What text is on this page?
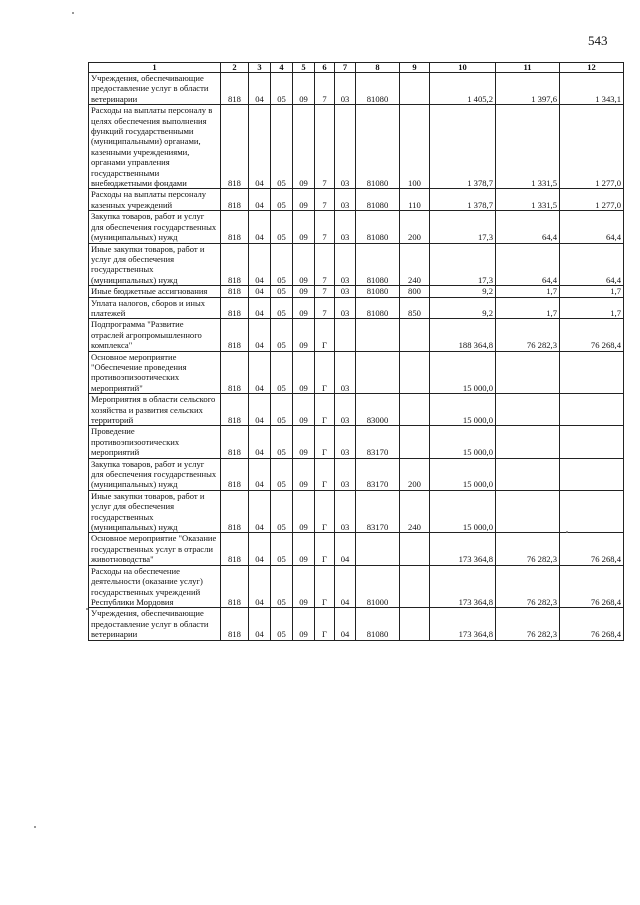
543
1	2	3	4	5	6	7	8	9	10	11	12
Учреждения, обеспечивающие предоставление услуг в области ветеринарии	818	04	05	09	7	03	81080		1 405,2	1 397,6	1 343,1
Расходы на выплаты персоналу в целях обеспечения выполнения функций государственными (муниципальными) органами, казенными учреждениями, органами управления государственными внебюджетными фондами	818	04	05	09	7	03	81080	100	1 378,7	1 331,5	1 277,0
Расходы на выплаты персоналу казенных учреждений	818	04	05	09	7	03	81080	110	1 378,7	1 331,5	1 277,0
Закупка товаров, работ и услуг для обеспечения государственных (муниципальных) нужд	818	04	05	09	7	03	81080	200	17,3	64,4	64,4
Иные закупки товаров, работ и услуг для обеспечения государственных (муниципальных) нужд	818	04	05	09	7	03	81080	240	17,3	64,4	64,4
Иные бюджетные ассигнования	818	04	05	09	7	03	81080	800	9,2	1,7	1,7
Уплата налогов, сборов и иных платежей	818	04	05	09	7	03	81080	850	9,2	1,7	1,7
Подпрограмма "Развитие отраслей агропромышленного комплекса"	818	04	05	09	Г				188 364,8	76 282,3	76 268,4
Основное мероприятие "Обеспечение проведения противоэпизоотических мероприятий"	818	04	05	09	Г	03			15 000,0		
Мероприятия в области сельского хозяйства и развития сельских территорий	818	04	05	09	Г	03	83000		15 000,0		
Проведение противоэпизоотических мероприятий	818	04	05	09	Г	03	83170		15 000,0		
Закупка товаров, работ и услуг для обеспечения государственных (муниципальных) нужд	818	04	05	09	Г	03	83170	200	15 000,0		
Иные закупки товаров, работ и услуг для обеспечения государственных (муниципальных) нужд	818	04	05	09	Г	03	83170	240	15 000,0		
Основное мероприятие "Оказание государственных услуг в отрасли животноводства"	818	04	05	09	Г	04			173 364,8	76 282,3	76 268,4
Расходы на обеспечение деятельности (оказание услуг) государственных учреждений Республики Мордовия	818	04	05	09	Г	04	81000		173 364,8	76 282,3	76 268,4
Учреждения, обеспечивающие предоставление услуг в области ветеринарии	818	04	05	09	Г	04	81080		173 364,8	76 282,3	76 268,4
